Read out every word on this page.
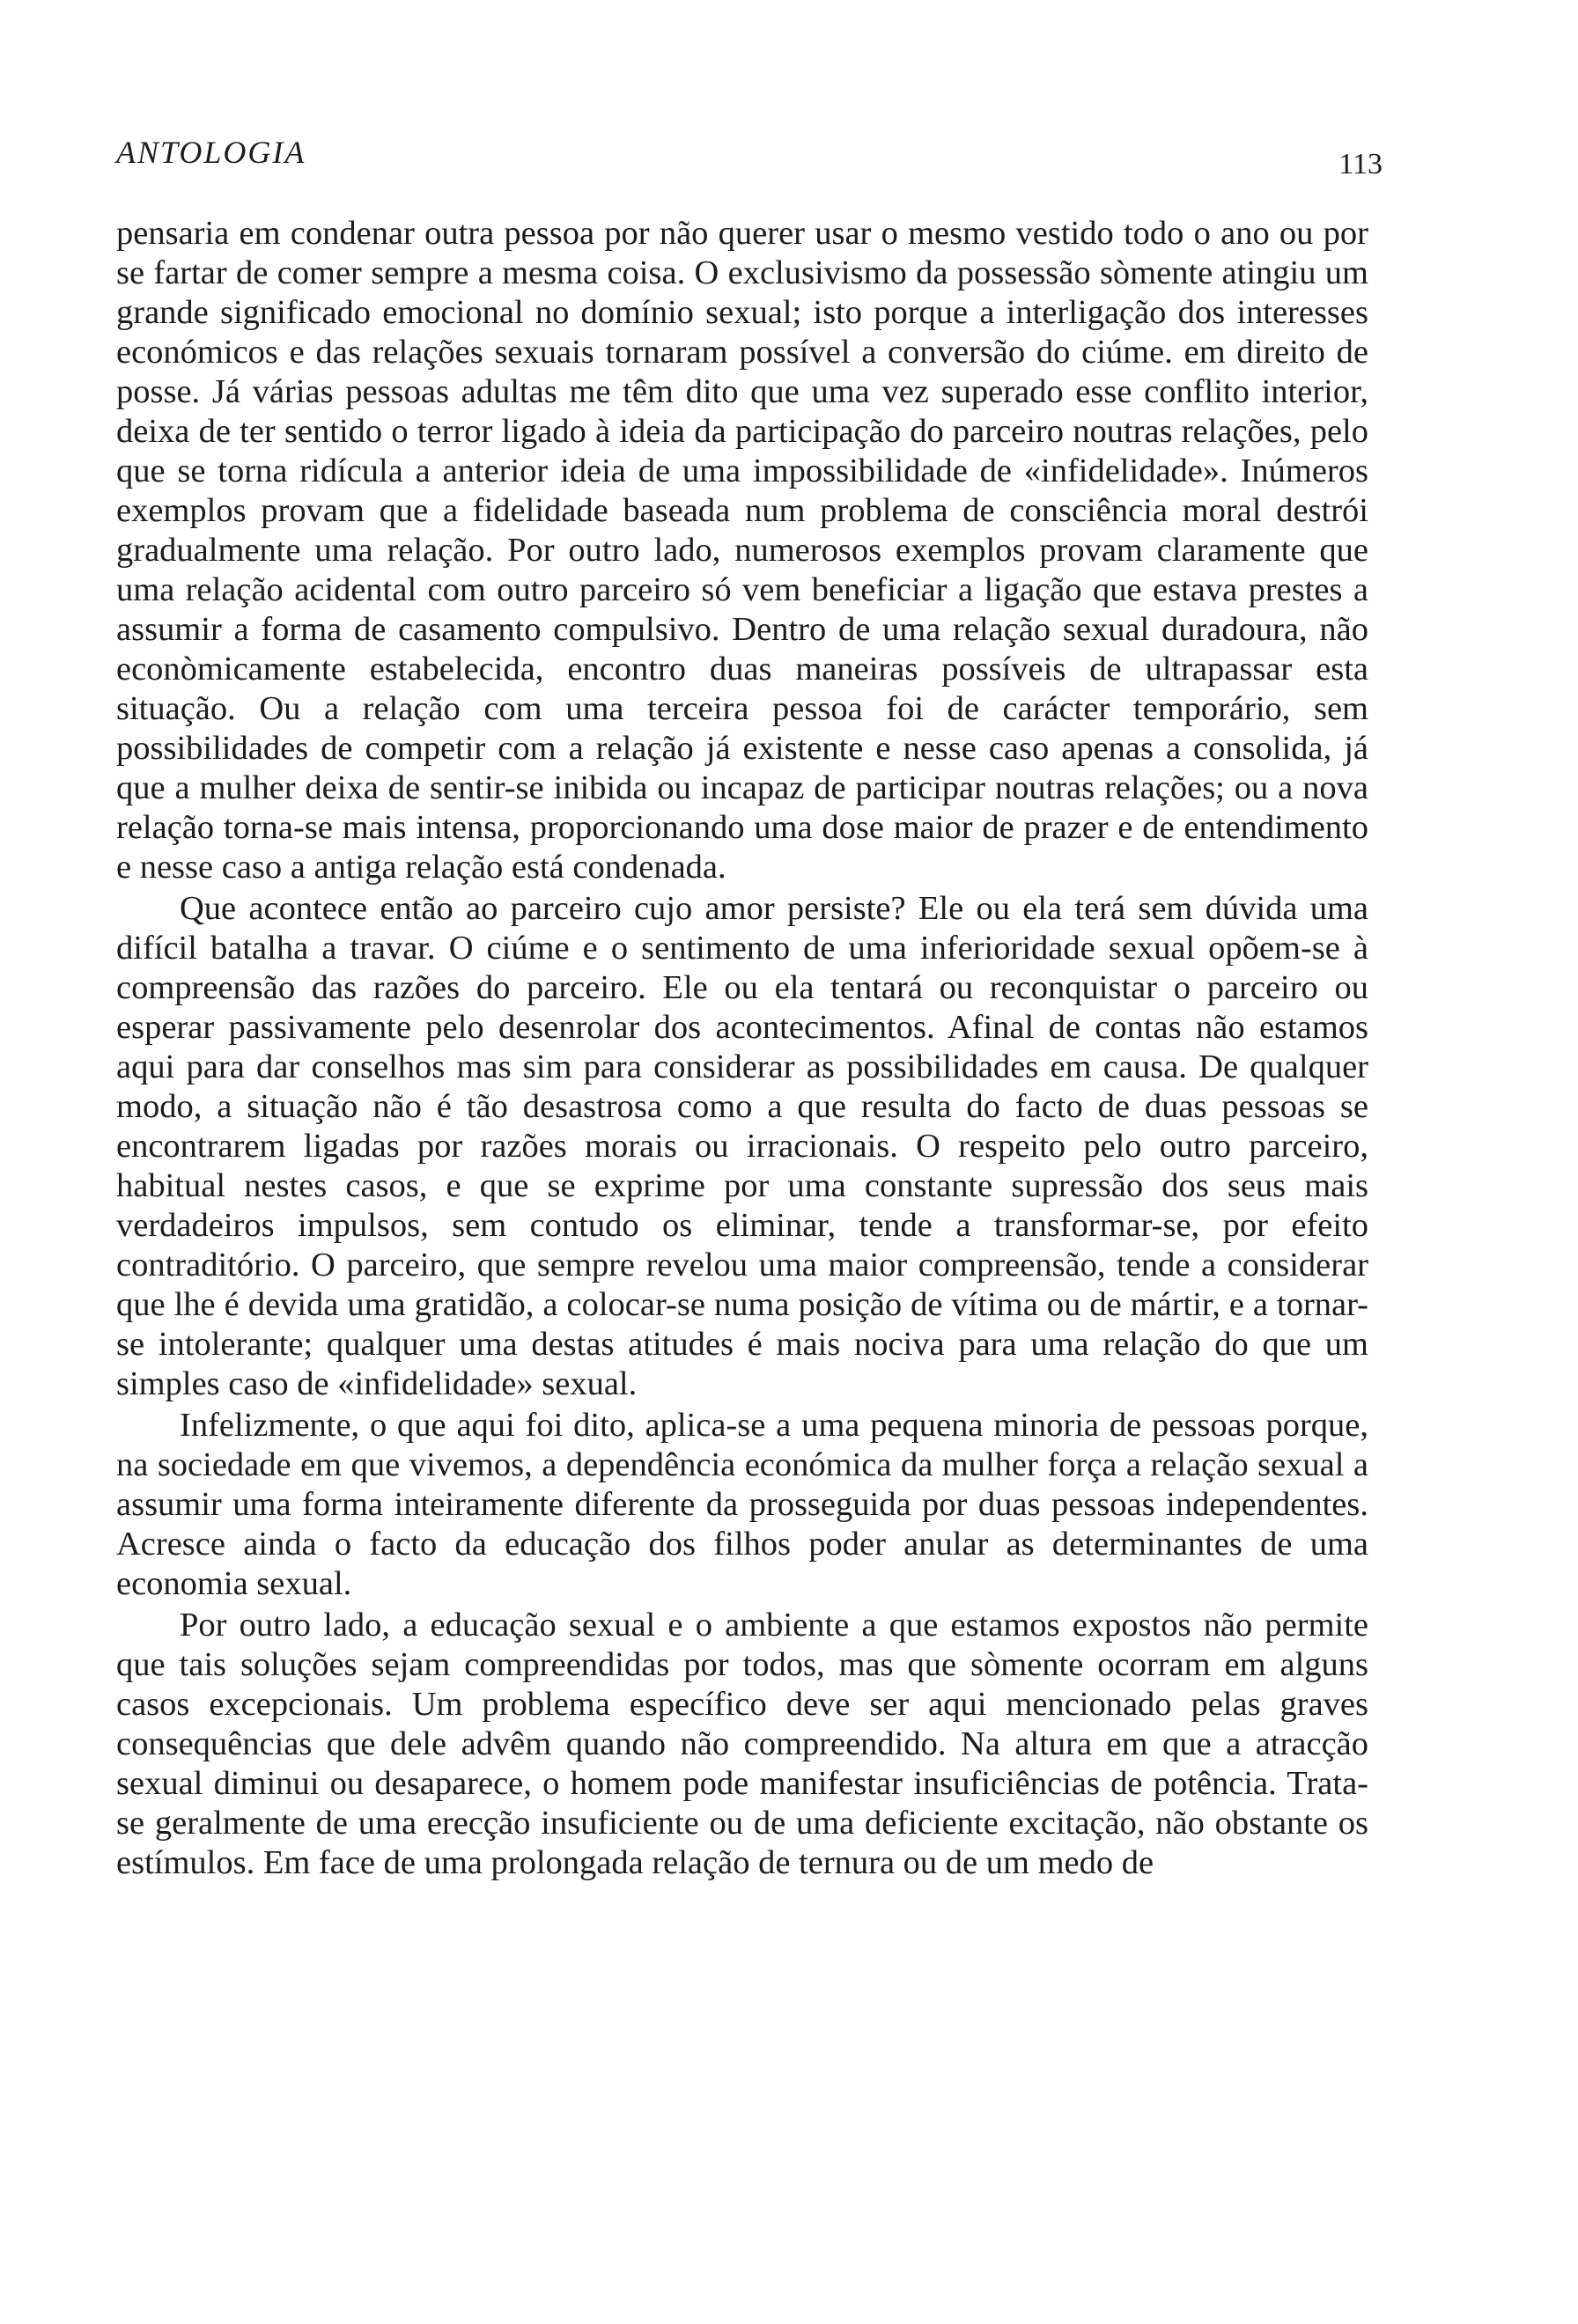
ANTOLOGIA	113

pensaria em condenar outra pessoa por não querer usar o mesmo vestido todo o ano ou por se fartar de comer sempre a mesma coisa. O exclusivismo da possessão sòmente atingiu um grande significado emocional no domínio sexual; isto porque a interligação dos interesses económicos e das relações sexuais tornaram possível a conversão do ciúme. em direito de posse. Já várias pessoas adultas me têm dito que uma vez superado esse conflito interior, deixa de ter sentido o terror ligado à ideia da participação do parceiro noutras relações, pelo que se torna ridícula a anterior ideia de uma impossibilidade de «infidelidade». Inúmeros exemplos provam que a fidelidade baseada num problema de consciência moral destrói gradualmente uma relação. Por outro lado, numerosos exemplos provam claramente que uma relação acidental com outro parceiro só vem beneficiar a ligação que estava prestes a assumir a forma de casamento compulsivo. Dentro de uma relação sexual duradoura, não econòmicamente estabelecida, encontro duas maneiras possíveis de ultrapassar esta situação. Ou a relação com uma terceira pessoa foi de carácter temporário, sem possibilidades de competir com a relação já existente e nesse caso apenas a consolida, já que a mulher deixa de sentir-se inibida ou incapaz de participar noutras relações; ou a nova relação torna-se mais intensa, proporcionando uma dose maior de prazer e de entendimento e nesse caso a antiga relação está condenada.

Que acontece então ao parceiro cujo amor persiste? Ele ou ela terá sem dúvida uma difícil batalha a travar. O ciúme e o sentimento de uma inferioridade sexual opõem-se à compreensão das razões do parceiro. Ele ou ela tentará ou reconquistar o parceiro ou esperar passivamente pelo desenrolar dos acontecimentos. Afinal de contas não estamos aqui para dar conselhos mas sim para considerar as possibilidades em causa. De qualquer modo, a situação não é tão desastrosa como a que resulta do facto de duas pessoas se encontrarem ligadas por razões morais ou irracionais. O respeito pelo outro parceiro, habitual nestes casos, e que se exprime por uma constante supressão dos seus mais verdadeiros impulsos, sem contudo os eliminar, tende a transformar-se, por efeito contraditório. O parceiro, que sempre revelou uma maior compreensão, tende a considerar que lhe é devida uma gratidão, a colocar-se numa posição de vítima ou de mártir, e a tornar-se intolerante; qualquer uma destas atitudes é mais nociva para uma relação do que um simples caso de «infidelidade» sexual.

Infelizmente, o que aqui foi dito, aplica-se a uma pequena minoria de pessoas porque, na sociedade em que vivemos, a dependência económica da mulher força a relação sexual a assumir uma forma inteiramente diferente da prosseguida por duas pessoas independentes. Acresce ainda o facto da educação dos filhos poder anular as determinantes de uma economia sexual.

Por outro lado, a educação sexual e o ambiente a que estamos expostos não permite que tais soluções sejam compreendidas por todos, mas que sòmente ocorram em alguns casos excepcionais. Um problema específico deve ser aqui mencionado pelas graves consequências que dele advêm quando não compreendido. Na altura em que a atracção sexual diminui ou desaparece, o homem pode manifestar insuficiências de potência. Trata-se geralmente de uma erecção insuficiente ou de uma deficiente excitação, não obstante os estímulos. Em face de uma prolongada relação de ternura ou de um medo de
